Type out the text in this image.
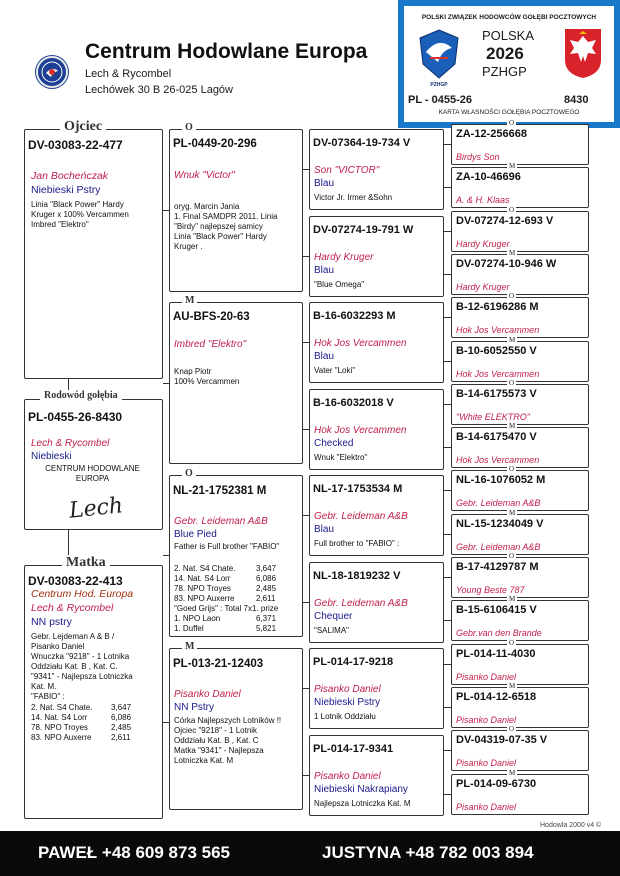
Centrum Hodowlane Europa
Lech & Rycombel
Lechówek 30 B 26-025 Lagów
POLSKI ZWIĄZEK HODOWCÓW GOŁĘBI POCZTOWYCH
PZHGP
POLSKA
2026
PZHGP
PL - 0455-26	8430
KARTA WŁASNOŚCI GOŁĘBIA POCZTOWEGO
DV-03083-22-477
Jan Bocheńczak
Niebieski Pstry
Linia "Black Power" Hardy
Kruger x 100% Vercammen
Imbred "Elektro"
Ojciec
PL-0455-26-8430
Lech & Rycombel
Niebieski
CENTRUM HODOWLANE EUROPA
Lech
Rodowód gołębia
DV-03083-22-413
Centrum Hod. Europa
Lech & Rycombel
NN pstry
Gebr. Lejdeman A & B /
Pisanko Daniel
Wnuczka "9218" - 1 Lotnika
Oddziału Kat. B , Kat. C.
"9341" - Najlepsza Lotniczka
Kat. M.
"FABIO" :
2. Nat. S4 Chate. 3,647
14. Nat. S4 Lorr	6,086
78. NPO Troyes	2,485
83. NPO Auxerre 2,611
Matka
PL-0449-20-296
Wnuk "Victor"
oryg. Marcin Jania
1. Final SAMDPR 2011. Linia
"Birdy" najlepszej samicy
Linia "Black Power" Hardy
Kruger .
O
AU-BFS-20-63
Imbred "Elektro"
Knap Piotr
100% Vercammen
M
NL-21-1752381 M
Gebr. Leideman A&B
Blue Pied
Father is Full brother "FABIO"
2. Nat. S4 Chate.	3,647
14. Nat. S4 Lorr	6,086
78. NPO Troyes	2,485
83. NPO Auxerre	2,611
"Goed Grijs" : Total 7x1. prize
1. NPO Laon	6,371
1. Duffel	5,821
O
PL-013-21-12403
Pisanko Daniel
NN Pstry
Córka Najlepszych Lotników !!
Ojciec "9218" - 1 Lotnik
Oddziału Kat. B , Kat. C
Matka "9341" - Najlepsza
Lotniczka Kat. M
M
DV-07364-19-734 V
Son "VICTOR"
Blau
Victor Jr. Irmer &Sohn
DV-07274-19-791 W
Hardy Kruger
Blau
"Blue Omega"
B-16-6032293 M
Hok Jos Vercammen
Blau
Vater "Loki"
B-16-6032018 V
Hok Jos Vercammen
Checked
Wnuk "Elektro"
NL-17-1753534 M
Gebr. Leideman A&B
Blau
Full brother to "FABIO" :
NL-18-1819232 V
Gebr. Leideman A&B
Chequer
"SALIMA"
PL-014-17-9218
Pisanko Daniel
Niebieski Pstry
1 Lotnik Oddziału
PL-014-17-9341
Pisanko Daniel
Niebieski Nakrapiany
Najlepsza Lotniczka Kat. M
O
ZA-12-256668
Birdys Son
M
ZA-10-46696
A. & H. Klaas
O
DV-07274-12-693 V
Hardy Kruger
M
DV-07274-10-946 W
Hardy Kruger
O
B-12-6196286 M
Hok Jos Vercammen
M
B-10-6052550 V
Hok Jos Vercammen
O
B-14-6175573 V
"White ELEKTRO"
M
B-14-6175470 V
Hok Jos Vercammen
O
NL-16-1076052 M
Gebr. Leideman A&B
M
NL-15-1234049 V
Gebr. Leideman A&B
O
B-17-4129787 M
Young Beste 787
M
B-15-6106415 V
Gebr.van den Brande
O
PL-014-11-4030
Pisanko Daniel
M
PL-014-12-6518
Pisanko Daniel
O
DV-04319-07-35 V
Pisanko Daniel
M
PL-014-09-6730
Pisanko Daniel
Hodowla 2000 v4 ©
PAWEŁ +48 609 873 565	JUSTYNA +48 782 003 894
